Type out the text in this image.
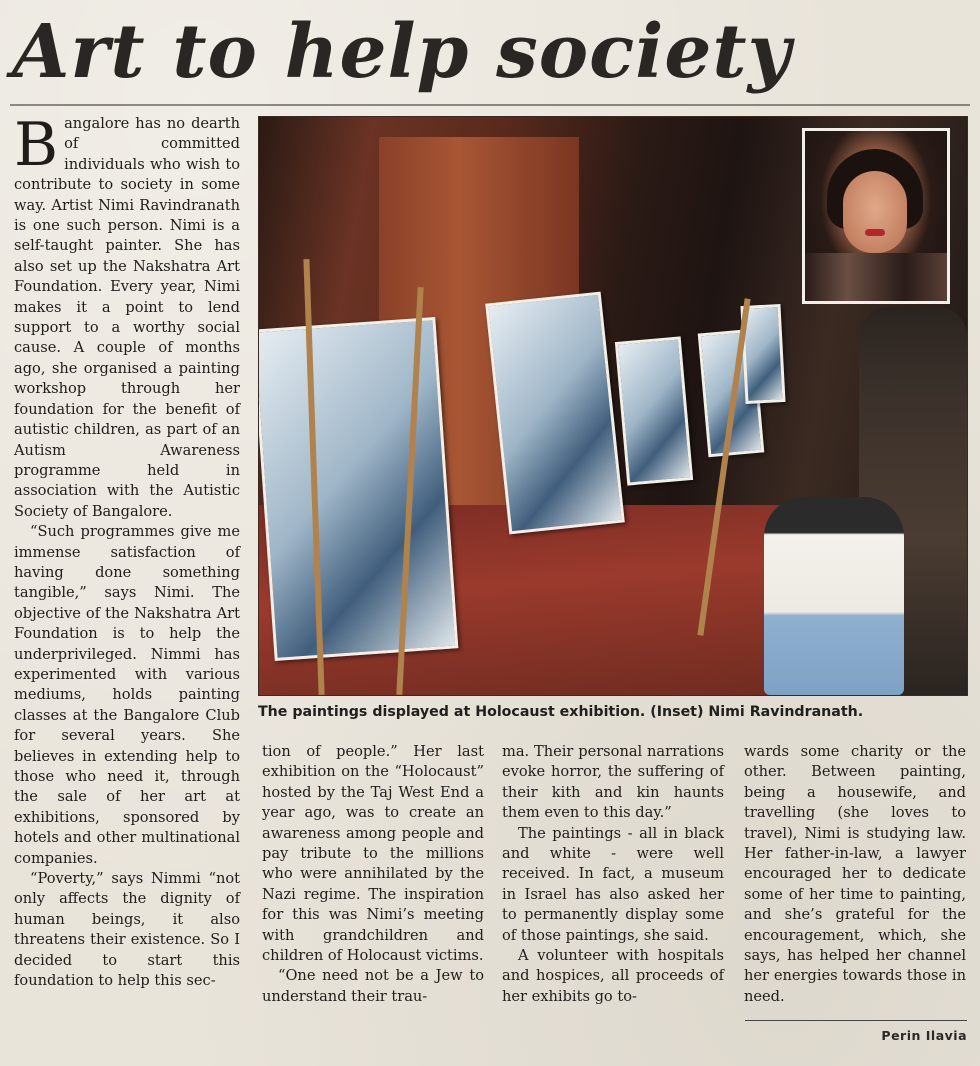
Art to help society

Bangalore has no dearth of committed individuals who wish to contribute to society in some way. Artist Nimi Ravindranath is one such person. Nimi is a self-taught painter. She has also set up the Nakshatra Art Foundation. Every year, Nimi makes it a point to lend support to a worthy social cause. A couple of months ago, she organised a painting workshop through her foundation for the benefit of autistic children, as part of an Autism Awareness programme held in association with the Autistic Society of Bangalore.

“Such programmes give me immense satisfaction of having done something tangible,” says Nimi. The objective of the Nakshatra Art Foundation is to help the underprivileged. Nimmi has experimented with various mediums, holds painting classes at the Bangalore Club for several years. She believes in extending help to those who need it, through the sale of her art at exhibitions, sponsored by hotels and other multinational companies.

“Poverty,” says Nimmi “not only affects the dignity of human beings, it also threatens their existence. So I decided to start this foundation to help this sec-

The paintings displayed at Holocaust exhibition. (Inset) Nimi Ravindranath.

tion of people.” Her last exhibition on the “Holocaust” hosted by the Taj West End a year ago, was to create an awareness among people and pay tribute to the millions who were annihilated by the Nazi regime. The inspiration for this was Nimi’s meeting with grandchildren and children of Holocaust victims.

“One need not be a Jew to understand their trau-

ma. Their personal narrations evoke horror, the suffering of their kith and kin haunts them even to this day.”

The paintings - all in black and white - were well received. In fact, a museum in Israel has also asked her to permanently display some of those paintings, she said.

A volunteer with hospitals and hospices, all proceeds of her exhibits go to-

wards some charity or the other. Between painting, being a housewife, and travelling (she loves to travel), Nimi is studying law. Her father-in-law, a lawyer encouraged her to dedicate some of her time to painting, and she’s grateful for the encouragement, which, she says, has helped her channel her energies towards those in need.

Perin Ilavia
